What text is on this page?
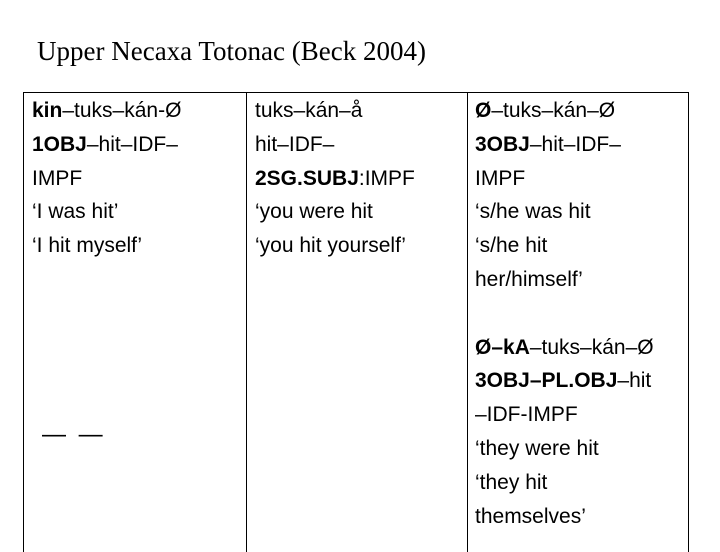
Upper Necaxa Totonac (Beck 2004)
kin–tuks–kán-Ø
1OBJ–hit–IDF–
IMPF
‘I was hit’
‘I hit myself’
tuks–kán–å
hit–IDF–
2SG.SUBJ:IMPF
‘you were hit
‘you hit yourself’
Ø–tuks–kán–Ø
3OBJ–hit–IDF–
IMPF
‘s/he was hit
‘s/he hit
her/himself’
Ø–kA–tuks–kán–Ø
3OBJ–PL.OBJ–hit
–IDF-IMPF
‘they were hit
‘they hit
themselves’
— —
